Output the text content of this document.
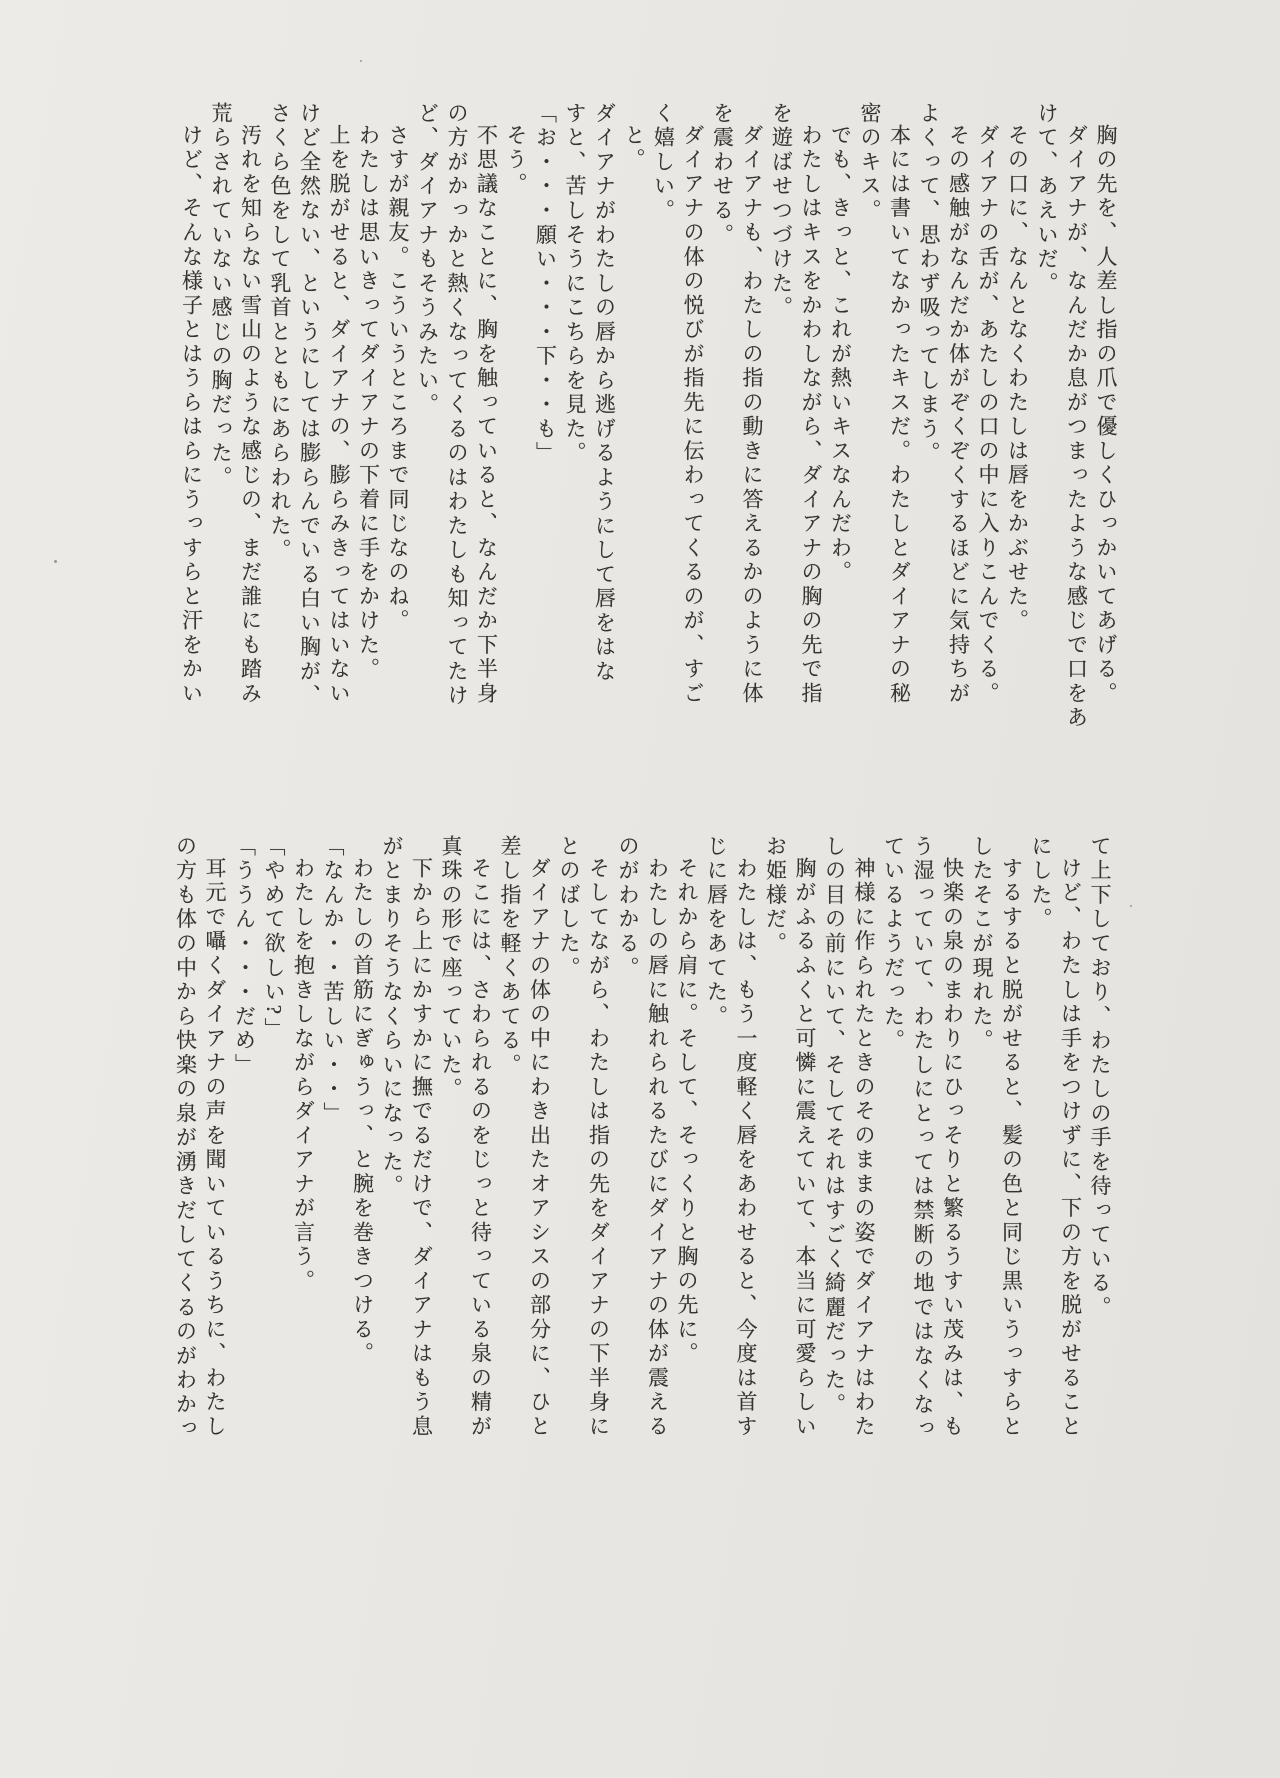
胸の先を、人差し指の爪で優しくひっかいてあげる。

ダイアナが、なんだか息がつまったような感じで口をあ

けて、あえいだ。

その口に、なんとなくわたしは唇をかぶせた。

ダイアナの舌が、あたしの口の中に入りこんでくる。

その感触がなんだか体がぞくぞくするほどに気持ちが

よくって、思わず吸ってしまう。

本には書いてなかったキスだ。わたしとダイアナの秘

密のキス。

でも、きっと、これが熱いキスなんだわ。

わたしはキスをかわしながら、ダイアナの胸の先で指

を遊ばせつづけた。

ダイアナも、わたしの指の動きに答えるかのように体

を震わせる。

ダイアナの体の悦びが指先に伝わってくるのが、すご

く嬉しい。

と。

ダイアナがわたしの唇から逃げるようにして唇をはな

すと、苦しそうにこちらを見た。

「お・・・願い・・・下・・も」

そう。

不思議なことに、胸を触っていると、なんだか下半身

の方がかっかと熱くなってくるのはわたしも知ってたけ

ど、ダイアナもそうみたい。

さすが親友。こういうところまで同じなのね。

わたしは思いきってダイアナの下着に手をかけた。

上を脱がせると、ダイアナの、膨らみきってはいない

けど全然ない、というにしては膨らんでいる白い胸が、

さくら色をして乳首とともにあらわれた。

汚れを知らない雪山のような感じの、まだ誰にも踏み

荒らされていない感じの胸だった。

けど、そんな様子とはうらはらにうっすらと汗をかい

て上下しており、わたしの手を待っている。

けど、わたしは手をつけずに、下の方を脱がせること

にした。

するすると脱がせると、髪の色と同じ黒いうっすらと

したそこが現れた。

快楽の泉のまわりにひっそりと繁るうすい茂みは、も

う湿っていて、わたしにとっては禁断の地ではなくなっ

ているようだった。

神様に作られたときのそのままの姿でダイアナはわた

しの目の前にいて、そしてそれはすごく綺麗だった。

胸がふるふくと可憐に震えていて、本当に可愛らしい

お姫様だ。

わたしは、もう一度軽く唇をあわせると、今度は首す

じに唇をあてた。

それから肩に。そして、そっくりと胸の先に。

わたしの唇に触れられるたびにダイアナの体が震える

のがわかる。

そしてながら、わたしは指の先をダイアナの下半身に

とのばした。

ダイアナの体の中にわき出たオアシスの部分に、ひと

差し指を軽くあてる。

そこには、さわられるのをじっと待っている泉の精が

真珠の形で座っていた。

下から上にかすかに撫でるだけで、ダイアナはもう息

がとまりそうなくらいになった。

わたしの首筋にぎゅうっ、と腕を巻きつける。

「なんか・・苦しい・・」

わたしを抱きしながらダイアナが言う。

「やめて欲しい?」

「ううん・・・だめ」

耳元で囁くダイアナの声を聞いているうちに、わたし

の方も体の中から快楽の泉が湧きだしてくるのがわかっ
